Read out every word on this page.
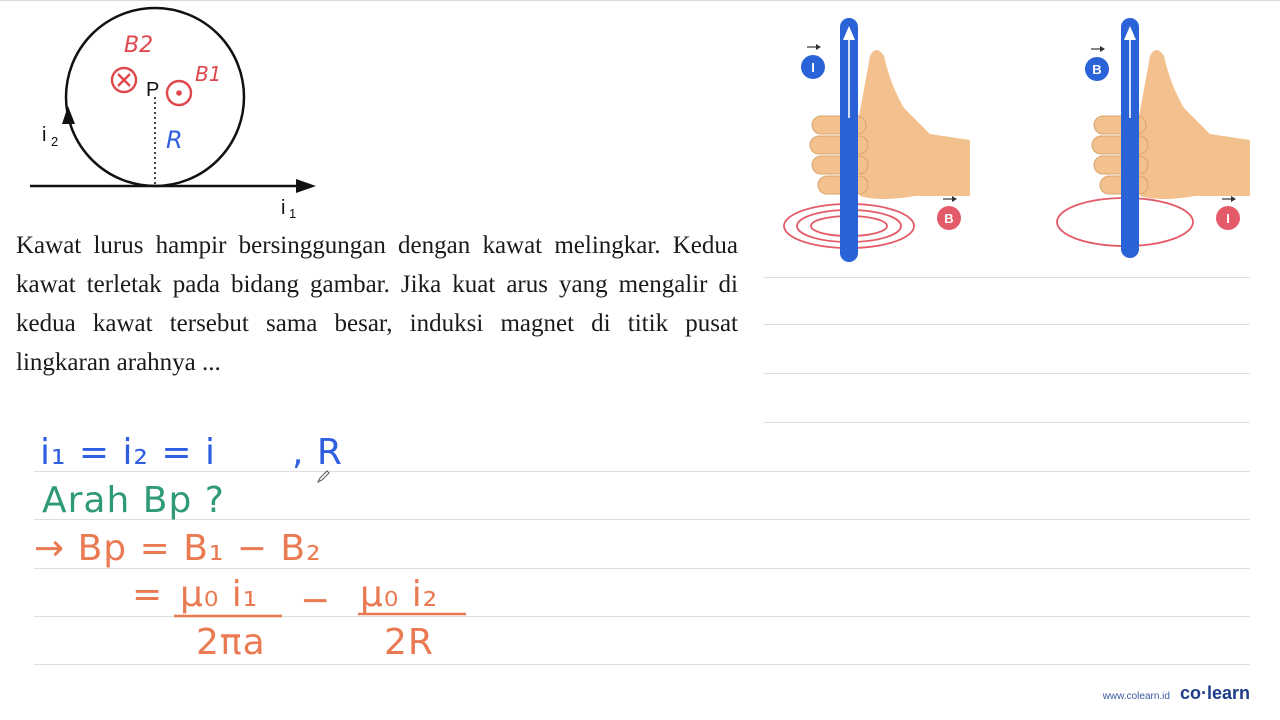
P
i 2
i 1
B2
B1
R
I
B
B
I

Kawat lurus hampir bersinggungan dengan kawat melingkar. Kedua kawat terletak pada bidang gambar. Jika kuat arus yang mengalir di kedua kawat tersebut sama besar, induksi magnet di titik pusat lingkaran arahnya ...

i₁ = i₂ = i , R
Arah Bp ?
→ Bp = B₁ − B₂
= μ₀ i₁
2πa
− μ₀ i₂
2R
www.colearn.id co·learn
